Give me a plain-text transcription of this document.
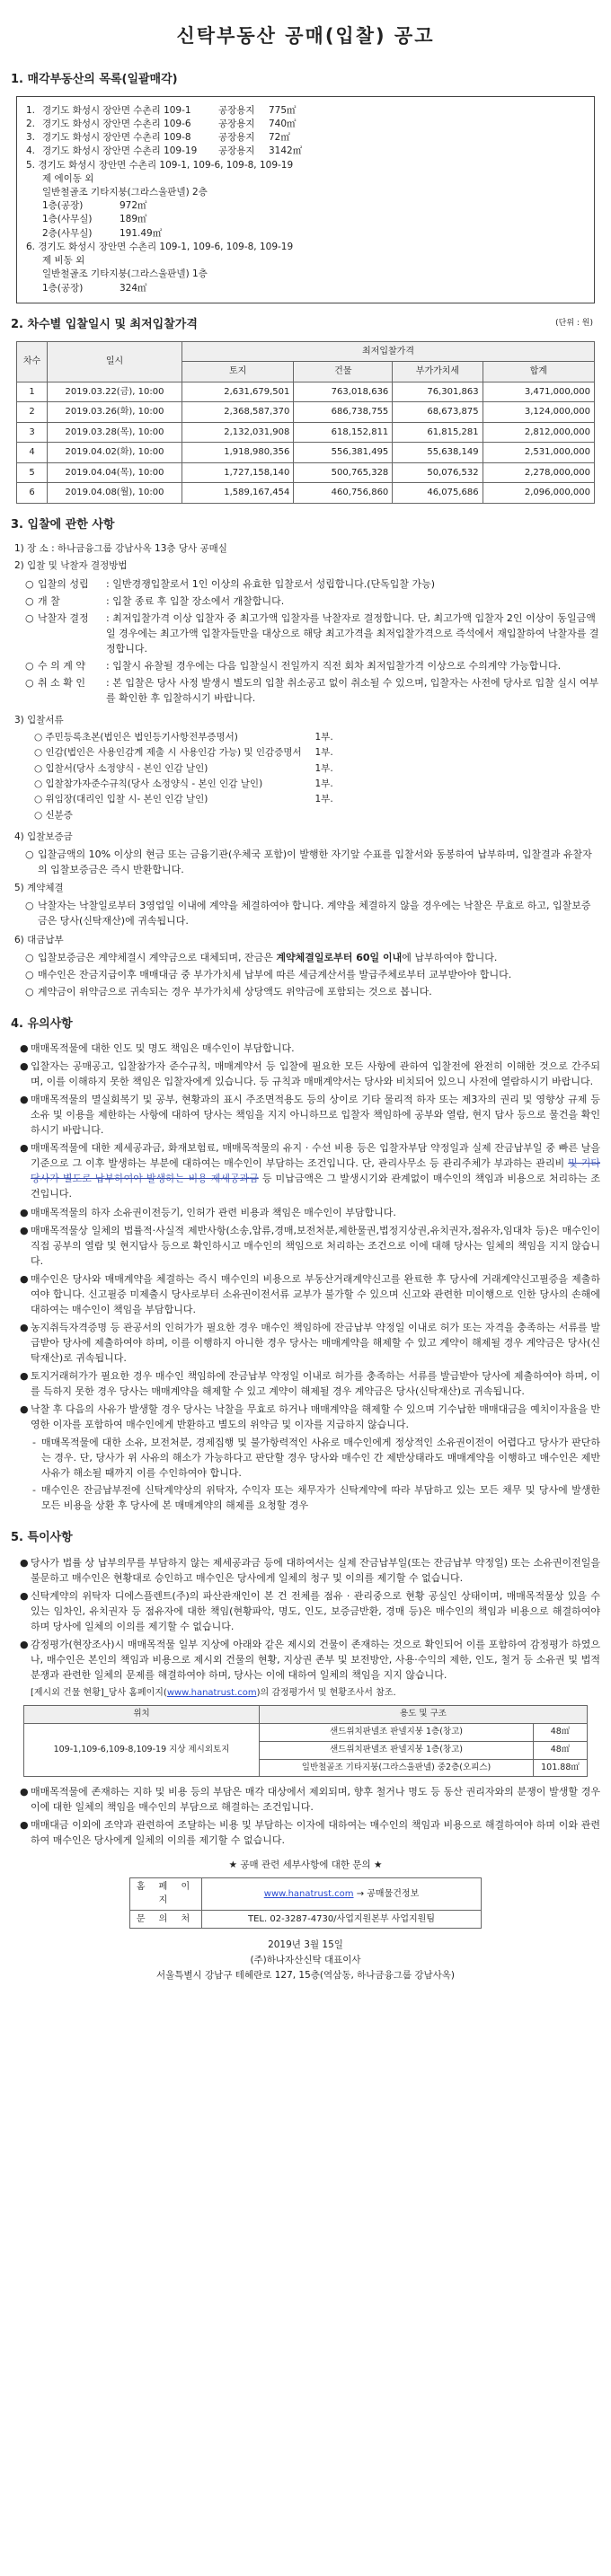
신탁부동산 공매(입찰) 공고
1. 매각부동산의 목록(일괄매각)

1. 경기도 화성시 장안면 수촌리 109-1	공장용지	775㎡

2. 경기도 화성시 장안면 수촌리 109-6	공장용지	740㎡

3. 경기도 화성시 장안면 수촌리 109-8	공장용지	72㎡

4. 경기도 화성시 장안면 수촌리 109-19	공장용지	3142㎡

5. 경기도 화성시 장안면 수촌리 109-1, 109-6, 109-8, 109-19

제 에이동 외

일반철골조 기타지붕(그라스울판넬) 2층

1층(공장)	972㎡

1층(사무실)	189㎡

2층(사무실)	191.49㎡

6. 경기도 화성시 장안면 수촌리 109-1, 109-6, 109-8, 109-19

제 비동 외

일반철골조 기타지붕(그라스울판넬) 1층

1층(공장)	324㎡

2. 차수별 입찰일시 및 최저입찰가격	(단위 : 원)
차수	일시	최저입찰가격			
		토지	건물	부가가치세	합계
1	2019.03.22(금), 10:00	2,631,679,501	763,018,636	76,301,863	3,471,000,000
2	2019.03.26(화), 10:00	2,368,587,370	686,738,755	68,673,875	3,124,000,000
3	2019.03.28(목), 10:00	2,132,031,908	618,152,811	61,815,281	2,812,000,000
4	2019.04.02(화), 10:00	1,918,980,356	556,381,495	55,638,149	2,531,000,000
5	2019.04.04(목), 10:00	1,727,158,140	500,765,328	50,076,532	2,278,000,000
6	2019.04.08(월), 10:00	1,589,167,454	460,756,860	46,075,686	2,096,000,000
3. 입찰에 관한 사항

1) 장 소 : 하나금융그룹 강남사옥 13층 당사 공매실

2) 입찰 및 낙찰자 결정방법

○ 입찰의 성립	: 일반경쟁입찰로서 1인 이상의 유효한 입찰로서 성립합니다.(단독입찰 가능)
○ 개 찰	: 입찰 종료 후 입찰 장소에서 개찰합니다.
○ 낙찰자 결정	: 최저입찰가격 이상 입찰자 중 최고가액 입찰자를 낙찰자로 결정합니다. 단, 최고가액 입찰자 2인 이상이 동일금액일 경우에는 최고가액 입찰자들만을 대상으로 해당 최고가격을 최저입찰가격으로 즉석에서 재입찰하여 낙찰자를 결정합니다.
○ 수 의 계 약	: 입찰시 유찰될 경우에는 다음 입찰실시 전일까지 직전 회차 최저입찰가격 이상으로 수의계약 가능합니다.
○ 취 소 확 인	: 본 입찰은 당사 사정 발생시 별도의 입찰 취소공고 없이 취소될 수 있으며, 입찰자는 사전에 당사로 입찰 실시 여부를 확인한 후 입찰하시기 바랍니다.

3) 입찰서류

○ 주민등록초본(법인은 법인등기사항전부증명서)	1부.
○ 인감(법인은 사용인감계 제출 시 사용인감 가능) 및 인감증명서	1부.
○ 입찰서(당사 소정양식 - 본인 인감 날인)	1부.
○ 입찰참가자준수규칙(당사 소정양식 - 본인 인감 날인)	1부.
○ 위임장(대리인 입찰 시- 본인 인감 날인)	1부.
○ 신분증

4) 입찰보증금

○ 입찰금액의 10% 이상의 현금 또는 금융기관(우체국 포함)이 발행한 자기앞 수표를 입찰서와 동봉하여 납부하며, 입찰결과 유찰자의 입찰보증금은 즉시 반환합니다.

5) 계약체결

○ 낙찰자는 낙찰일로부터 3영업일 이내에 계약을 체결하여야 합니다. 계약을 체결하지 않을 경우에는 낙찰은 무효로 하고, 입찰보증금은 당사(신탁재산)에 귀속됩니다.

6) 대금납부

○ 입찰보증금은 계약체결시 계약금으로 대체되며, 잔금은 계약체결일로부터 60일 이내에 납부하여야 합니다.
○ 매수인은 잔금지급이후 매매대금 중 부가가치세 납부에 따른 세금계산서를 발급주체로부터 교부받아야 합니다.
○ 계약금이 위약금으로 귀속되는 경우 부가가치세 상당액도 위약금에 포함되는 것으로 봅니다.
4. 유의사항
● 매매목적물에 대한 인도 및 명도 책임은 매수인이 부담합니다.
● 입찰자는 공매공고, 입찰참가자 준수규칙, 매매계약서 등 입찰에 필요한 모든 사항에 관하여 입찰전에 완전히 이해한 것으로 간주되며, 이를 이해하지 못한 책임은 입찰자에게 있습니다. 등 규칙과 매매계약서는 당사와 비치되어 있으니 사전에 열람하시기 바랍니다.
● 매매목적물의 멸실회복기 및 공부, 현황과의 표시 주조면적용도 등의 상이로 기타 물리적 하자 또는 제3자의 권리 및 영향상 규제 등 소유 및 이용을 제한하는 사항에 대하여 당사는 책임을 지지 아니하므로 입찰자 책임하에 공부와 열람, 현지 답사 등으로 물건을 확인하시기 바랍니다.
● 매매목적물에 대한 제세공과금, 화재보험료, 매매목적물의 유지 · 수선 비용 등은 입찰자부담 약정일과 실제 잔금납부일 중 빠른 날을 기준으로 그 이후 발생하는 부분에 대하여는 매수인이 부담하는 조건입니다. 단, 관리사무소 등 관리주체가 부과하는 관리비 및 기타 당사가 별도로 납부하여야 발생하는 비용 제세공과금 등 미납금액은 그 발생시기와 관계없이 매수인의 책임과 비용으로 처리하는 조건입니다.
● 매매목적물의 하자 소유권이전등기, 인허가 관련 비용과 책임은 매수인이 부담합니다.
● 매매목적물상 일체의 법률적·사실적 제반사항(소송,압류,경매,보전처분,제한물권,법정지상권,유치권자,점유자,임대차 등)은 매수인이 직접 공부의 열람 및 현지답사 등으로 확인하시고 매수인의 책임으로 처리하는 조건으로 이에 대해 당사는 일체의 책임을 지지 않습니다.
● 매수인은 당사와 매매계약을 체결하는 즉시 매수인의 비용으로 부동산거래계약신고를 완료한 후 당사에 거래계약신고필증을 제출하여야 합니다. 신고필증 미제출시 당사로부터 소유권이전서류 교부가 불가할 수 있으며 신고와 관련한 미이행으로 인한 당사의 손해에 대하여는 매수인이 책임을 부담합니다.
● 농지취득자격증명 등 관공서의 인허가가 필요한 경우 매수인 책임하에 잔금납부 약정일 이내로 허가 또는 자격을 충족하는 서류를 발급받아 당사에 제출하여야 하며, 이를 이행하지 아니한 경우 당사는 매매계약을 해제할 수 있고 계약이 해제될 경우 계약금은 당사(신탁재산)로 귀속됩니다.
● 토지거래허가가 필요한 경우 매수인 책임하에 잔금납부 약정일 이내로 허가를 충족하는 서류를 발급받아 당사에 제출하여야 하며, 이를 득하지 못한 경우 당사는 매매계약을 해제할 수 있고 계약이 해제될 경우 계약금은 당사(신탁재산)로 귀속됩니다.
● 낙찰 후 다음의 사유가 발생할 경우 당사는 낙찰을 무효로 하거나 매매계약을 해제할 수 있으며 기수납한 매매대금을 예치이자율을 반영한 이자를 포함하여 매수인에게 반환하고 별도의 위약금 및 이자를 지급하지 않습니다.
- 매매목적물에 대한 소유, 보전처분, 경제집행 및 불가항력적인 사유로 매수인에게 정상적인 소유권이전이 어렵다고 당사가 판단하는 경우. 단, 당사가 위 사유의 해소가 가능하다고 판단할 경우 당사와 매수인 간 제반상태라도 매매계약을 이행하고 매수인은 제반사유가 해소될 때까지 이를 수인하여야 합니다.
- 매수인은 잔금납부전에 신탁계약상의 위탁자, 수익자 또는 채무자가 신탁계약에 따라 부담하고 있는 모든 채무 및 당사에 발생한 모든 비용을 상환 후 당사에 본 매매계약의 해제를 요청할 경우
5. 특이사항
● 당사가 법률 상 납부의무를 부담하지 않는 제세공과금 등에 대하여서는 실제 잔금납부일(또는 잔금납부 약정일) 또는 소유권이전일을 불문하고 매수인은 현황대로 승인하고 매수인은 당사에게 일체의 청구 및 이의를 제기할 수 없습니다.
● 신탁계약의 위탁자 디에스플렌트(주)의 파산관재인이 본 건 전체를 점유 · 관리중으로 현황 공실인 상태이며, 매매목적물상 있을 수 있는 임차인, 유치권자 등 점유자에 대한 책임(현황파악, 명도, 인도, 보증금반환, 경매 등)은 매수인의 책임과 비용으로 해결하여야 하며 당사에 일체의 이의를 제기할 수 없습니다.
● 감정평가(현장조사)시 매매목적물 일부 지상에 아래와 같은 제시외 건물이 존재하는 것으로 확인되어 이를 포함하여 감정평가 하였으나, 매수인은 본인의 책임과 비용으로 제시외 건물의 현황, 지상권 존부 및 보전방안, 사용·수익의 제한, 인도, 철거 등 소유권 및 법적분쟁과 관련한 일체의 문제를 해결하여야 하며, 당사는 이에 대하여 일체의 책임을 지지 않습니다.

[제시외 건물 현황]_당사 홈페이지(www.hanatrust.com)의 감정평가서 및 현황조사서 참조.

위치	용도 및 구조	
109-1,109-6,109-8,109-19 지상 제시외토지	샌드위치판넬조 판넬지붕 1층(창고)	48㎡
	샌드위치판넬조 판넬지붕 1층(창고)	48㎡
	일반철골조 기타지붕(그라스울판넬) 중2층(오피스)	101.88㎡
● 매매목적물에 존재하는 지하 및 비용 등의 부담은 매각 대상에서 제외되며, 향후 철거나 명도 등 동산 권리자와의 분쟁이 발생할 경우 이에 대한 일체의 책임을 매수인의 부담으로 해결하는 조건입니다.
● 매매대금 이외에 조약과 관련하여 조달하는 비용 및 부담하는 이자에 대하여는 매수인의 책임과 비용으로 해결하여야 하며 이와 관련하여 매수인은 당사에게 일체의 이의를 제기할 수 없습니다.

★ 공매 관련 세부사항에 대한 문의 ★

홈 페 이 지	www.hanatrust.com → 공매물건정보
문 의 처	TEL. 02-3287-4730/사업지원본부 사업지원팀

2019년 3월 15일

(주)하나자산신탁 대표이사

서울특별시 강남구 테헤란로 127, 15층(역삼동, 하나금융그룹 강남사옥)
